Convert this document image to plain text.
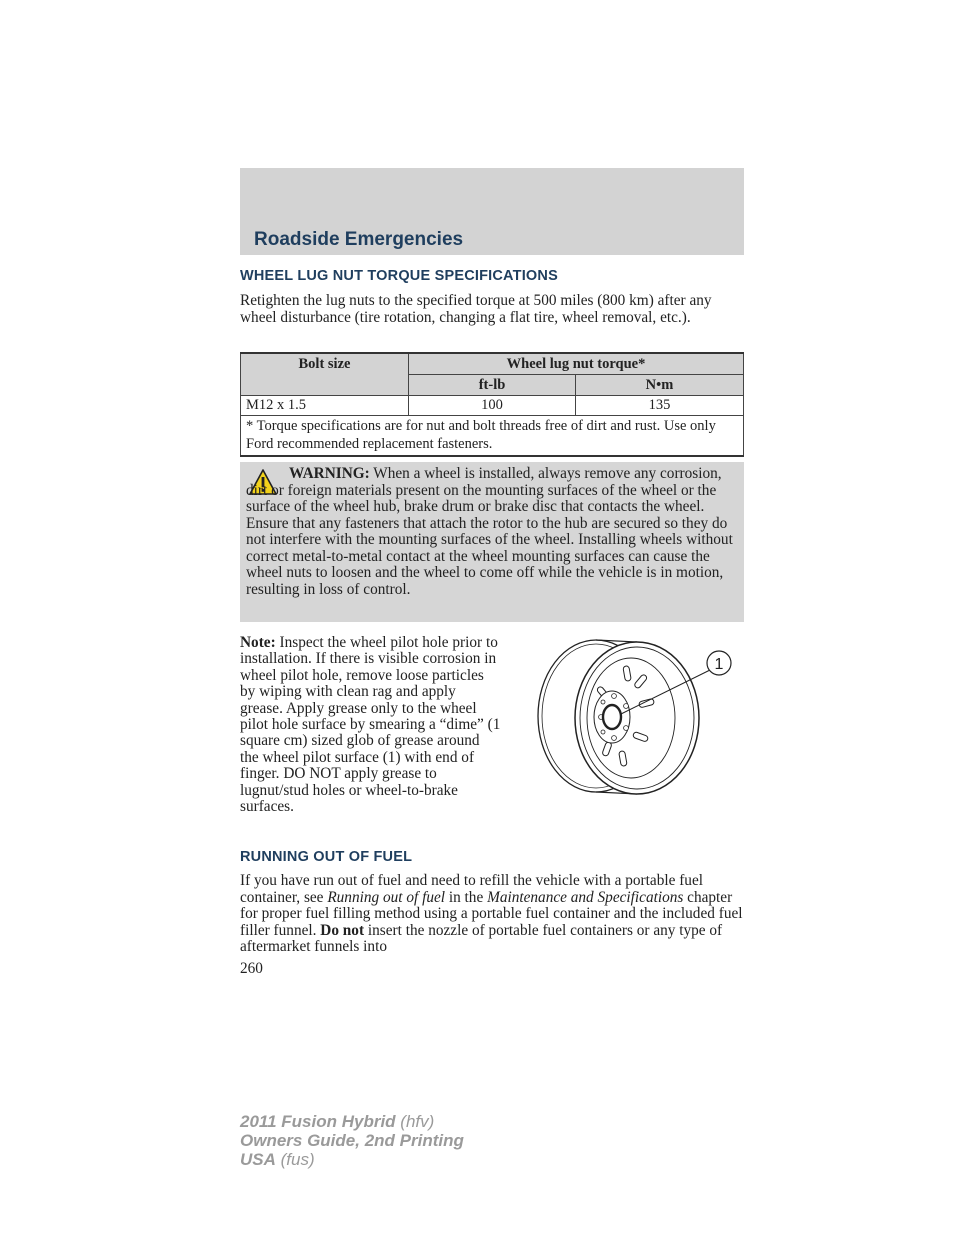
Roadside Emergencies
WHEEL LUG NUT TORQUE SPECIFICATIONS
Retighten the lug nuts to the specified torque at 500 miles (800 km) after any wheel disturbance (tire rotation, changing a flat tire, wheel removal, etc.).
Bolt size	Wheel lug nut torque*	
	ft-lb	N•m
M12 x 1.5	100	135
* Torque specifications are for nut and bolt threads free of dirt and rust. Use only Ford recommended replacement fasteners.		
WARNING: When a wheel is installed, always remove any corrosion, dirt or foreign materials present on the mounting surfaces of the wheel or the surface of the wheel hub, brake drum or brake disc that contacts the wheel. Ensure that any fasteners that attach the rotor to the hub are secured so they do not interfere with the mounting surfaces of the wheel. Installing wheels without correct metal-to-metal contact at the wheel mounting surfaces can cause the wheel nuts to loosen and the wheel to come off while the vehicle is in motion, resulting in loss of control.
Note: Inspect the wheel pilot hole prior to installation. If there is visible corrosion in wheel pilot hole, remove loose particles by wiping with clean rag and apply grease. Apply grease only to the wheel pilot hole surface by smearing a “dime” (1 square cm) sized glob of grease around the wheel pilot surface (1) with end of finger. DO NOT apply grease to lugnut/stud holes or wheel-to-brake surfaces.
1
RUNNING OUT OF FUEL
If you have run out of fuel and need to refill the vehicle with a portable fuel container, see Running out of fuel in the Maintenance and Specifications chapter for proper fuel filling method using a portable fuel container and the included fuel filler funnel. Do not insert the nozzle of portable fuel containers or any type of aftermarket funnels into
260
2011 Fusion Hybrid (hfv)
Owners Guide, 2nd Printing
USA (fus)
